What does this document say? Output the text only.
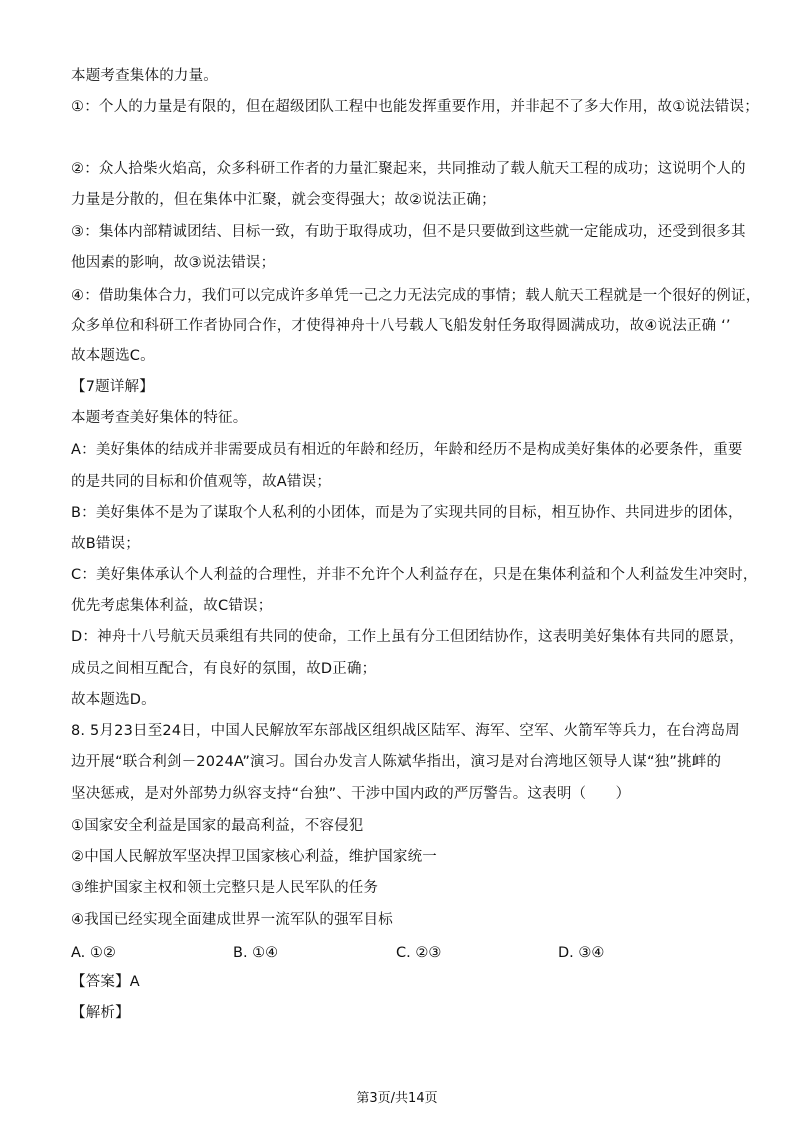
本题考查集体的力量。
①：个人的力量是有限的，但在超级团队工程中也能发挥重要作用，并非起不了多大作用，故①说法错误；
②：众人拾柴火焰高，众多科研工作者的力量汇聚起来，共同推动了载人航天工程的成功；这说明个人的
力量是分散的，但在集体中汇聚，就会变得强大；故②说法正确；
③：集体内部精诚团结、目标一致，有助于取得成功，但不是只要做到这些就一定能成功，还受到很多其
他因素的影响，故③说法错误；
④：借助集体合力，我们可以完成许多单凭一己之力无法完成的事情；载人航天工程就是一个很好的例证，
众多单位和科研工作者协同合作，才使得神舟十八号载人飞船发射任务取得圆满成功，故④说法正确 ‘’
故本题选C。
【7题详解】
本题考查美好集体的特征。
A：美好集体的结成并非需要成员有相近的年龄和经历，年龄和经历不是构成美好集体的必要条件，重要
的是共同的目标和价值观等，故A错误；
B：美好集体不是为了谋取个人私利的小团体，而是为了实现共同的目标，相互协作、共同进步的团体，
故B错误；
C：美好集体承认个人利益的合理性，并非不允许个人利益存在，只是在集体利益和个人利益发生冲突时，
优先考虑集体利益，故C错误；
D：神舟十八号航天员乘组有共同的使命，工作上虽有分工但团结协作，这表明美好集体有共同的愿景，
成员之间相互配合，有良好的氛围，故D正确；
故本题选D。
8. 5月23日至24日，中国人民解放军东部战区组织战区陆军、海军、空军、火箭军等兵力，在台湾岛周
边开展“联合利剑－2024A”演习。国台办发言人陈斌华指出，演习是对台湾地区领导人谋“独”挑衅的
坚决惩戒，是对外部势力纵容支持“台独”、干涉中国内政的严厉警告。这表明（　　）
①国家安全利益是国家的最高利益，不容侵犯
②中国人民解放军坚决捍卫国家核心利益，维护国家统一
③维护国家主权和领土完整只是人民军队的任务
④我国已经实现全面建成世界一流军队的强军目标
A. ①②	B. ①④	C. ②③	D. ③④
【答案】A
【解析】
第3页/共14页
